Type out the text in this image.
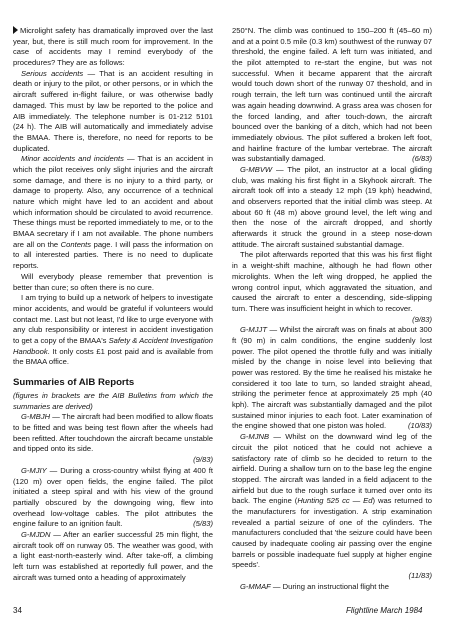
Microlight safety has dramatically improved over the last year, but, there is still much room for improvement. In the case of accidents may I remind everybody of the procedures? They are as follows:

Serious accidents — That is an accident resulting in death or injury to the pilot, or other persons, or in which the aircraft suffered in-flight failure, or was otherwise badly damaged. This must by law be reported to the police and AIB immediately. The telephone number is 01-212 5101 (24 h). The AIB will automatically and immediately advise the BMAA. There is, therefore, no need for reports to be duplicated.

Minor accidents and incidents — That is an accident in which the pilot receives only slight injuries and the aircraft some damage, and there is no injury to a third party, or damage to property. Also, any occurrence of a technical nature which might have led to an accident and about which information should be circulated to avoid recurrence. These things must be reported immediately to me, or to the BMAA secretary if I am not available. The phone numbers are all on the Contents page. I will pass the information on to all interested parties. There is no need to duplicate reports.

Will everybody please remember that prevention is better than cure; so often there is no cure.

I am trying to build up a network of helpers to investigate minor accidents, and would be grateful if volunteers would contact me. Last but not least, I'd like to urge everyone with any club responsibility or interest in accident investigation to get a copy of the BMAA's Safety & Accident Investigation Handbook. It only costs £1 post paid and is available from the BMAA office.

Summaries of AIB Reports

(figures in brackets are the AIB Bulletins from which the summaries are derived)

G-MBJH — The aircraft had been modified to allow floats to be fitted and was being test flown after the wheels had been refitted. After touchdown the aircraft became unstable and tipped onto its side.

(9/83)

G-MJIY — During a cross-country whilst flying at 400 ft (120 m) over open fields, the engine failed. The pilot initiated a steep spiral and with his view of the ground partially obscured by the downgoing wing, flew into overhead low-voltage cables. The pilot attributes the engine failure to an ignition fault.	(5/83)

G-MJDN — After an earlier successful 25 min flight, the aircraft took off on runway 05. The weather was good, with a light east-north-easterly wind. After take-off, a climbing left turn was established at reportedly full power, and the aircraft was turned onto a heading of approximately

250°N. The climb was continued to 150–200 ft (45–60 m) and at a point 0.5 mile (0.3 km) southwest of the runway 07 threshold, the engine failed. A left turn was initiated, and the pilot attempted to re-start the engine, but was not successful. When it became apparent that the aircraft would touch down short of the runway 07 theshold, and in rough terrain, the left turn was continued until the aircraft was again heading downwind. A grass area was chosen for the forced landing, and after touch-down, the aircraft bounced over the banking of a ditch, which had not been immediately obvious. The pilot suffered a broken left foot, and hairline fracture of the lumbar vertebrae. The aircraft was substantially damaged.	(6/83)

G-MBVW — The pilot, an instructor at a local gliding club, was making his first flight in a Skyhook aircraft. The aircraft took off into a steady 12 mph (19 kph) headwind, and observers reported that the initial climb was steep. At about 60 ft (48 m) above ground level, the left wing and then the nose of the aircraft dropped, and shortly afterwards it struck the ground in a steep nose-down attitude. The aircraft sustained substantial damage.

The pilot afterwards reported that this was his first flight in a weight-shift machine, although he had flown other microlights. When the left wing dropped, he applied the wrong control input, which aggravated the situation, and caused the aircraft to enter a descending, side-slipping turn. There was insufficient height in which to recover.

(9/83)

G-MJJT — Whilst the aircraft was on finals at about 300 ft (90 m) in calm conditions, the engine suddenly lost power. The pilot opened the throttle fully and was initially misled by the change in noise level into believing that power was restored. By the time he realised his mistake he considered it too late to turn, so landed straight ahead, striking the perimeter fence at approximately 25 mph (40 kph). The aircraft was substantially damaged and the pilot sustained minor injuries to each foot. Later examination of the engine showed that one piston was holed.	(10/83)

G-MJNB — Whilst on the downward wind leg of the circuit the pilot noticed that he could not achieve a satisfactory rate of climb so he decided to return to the airfield. During a shallow turn on to the base leg the engine stopped. The aircraft was landed in a field adjacent to the airfield but due to the rough surface it turned over onto its back. The engine (Hunting 525 cc — Ed) was returned to the manufacturers for investigation. A strip examination revealed a partial seizure of one of the cylinders. The manufacturers concluded that 'the seizure could have been caused by inadequate cooling air passing over the engine barrels or possible inadequate fuel supply at higher engine speeds'.

(11/83)

G-MMAF — During an instructional flight the

34	Flightline March 1984
